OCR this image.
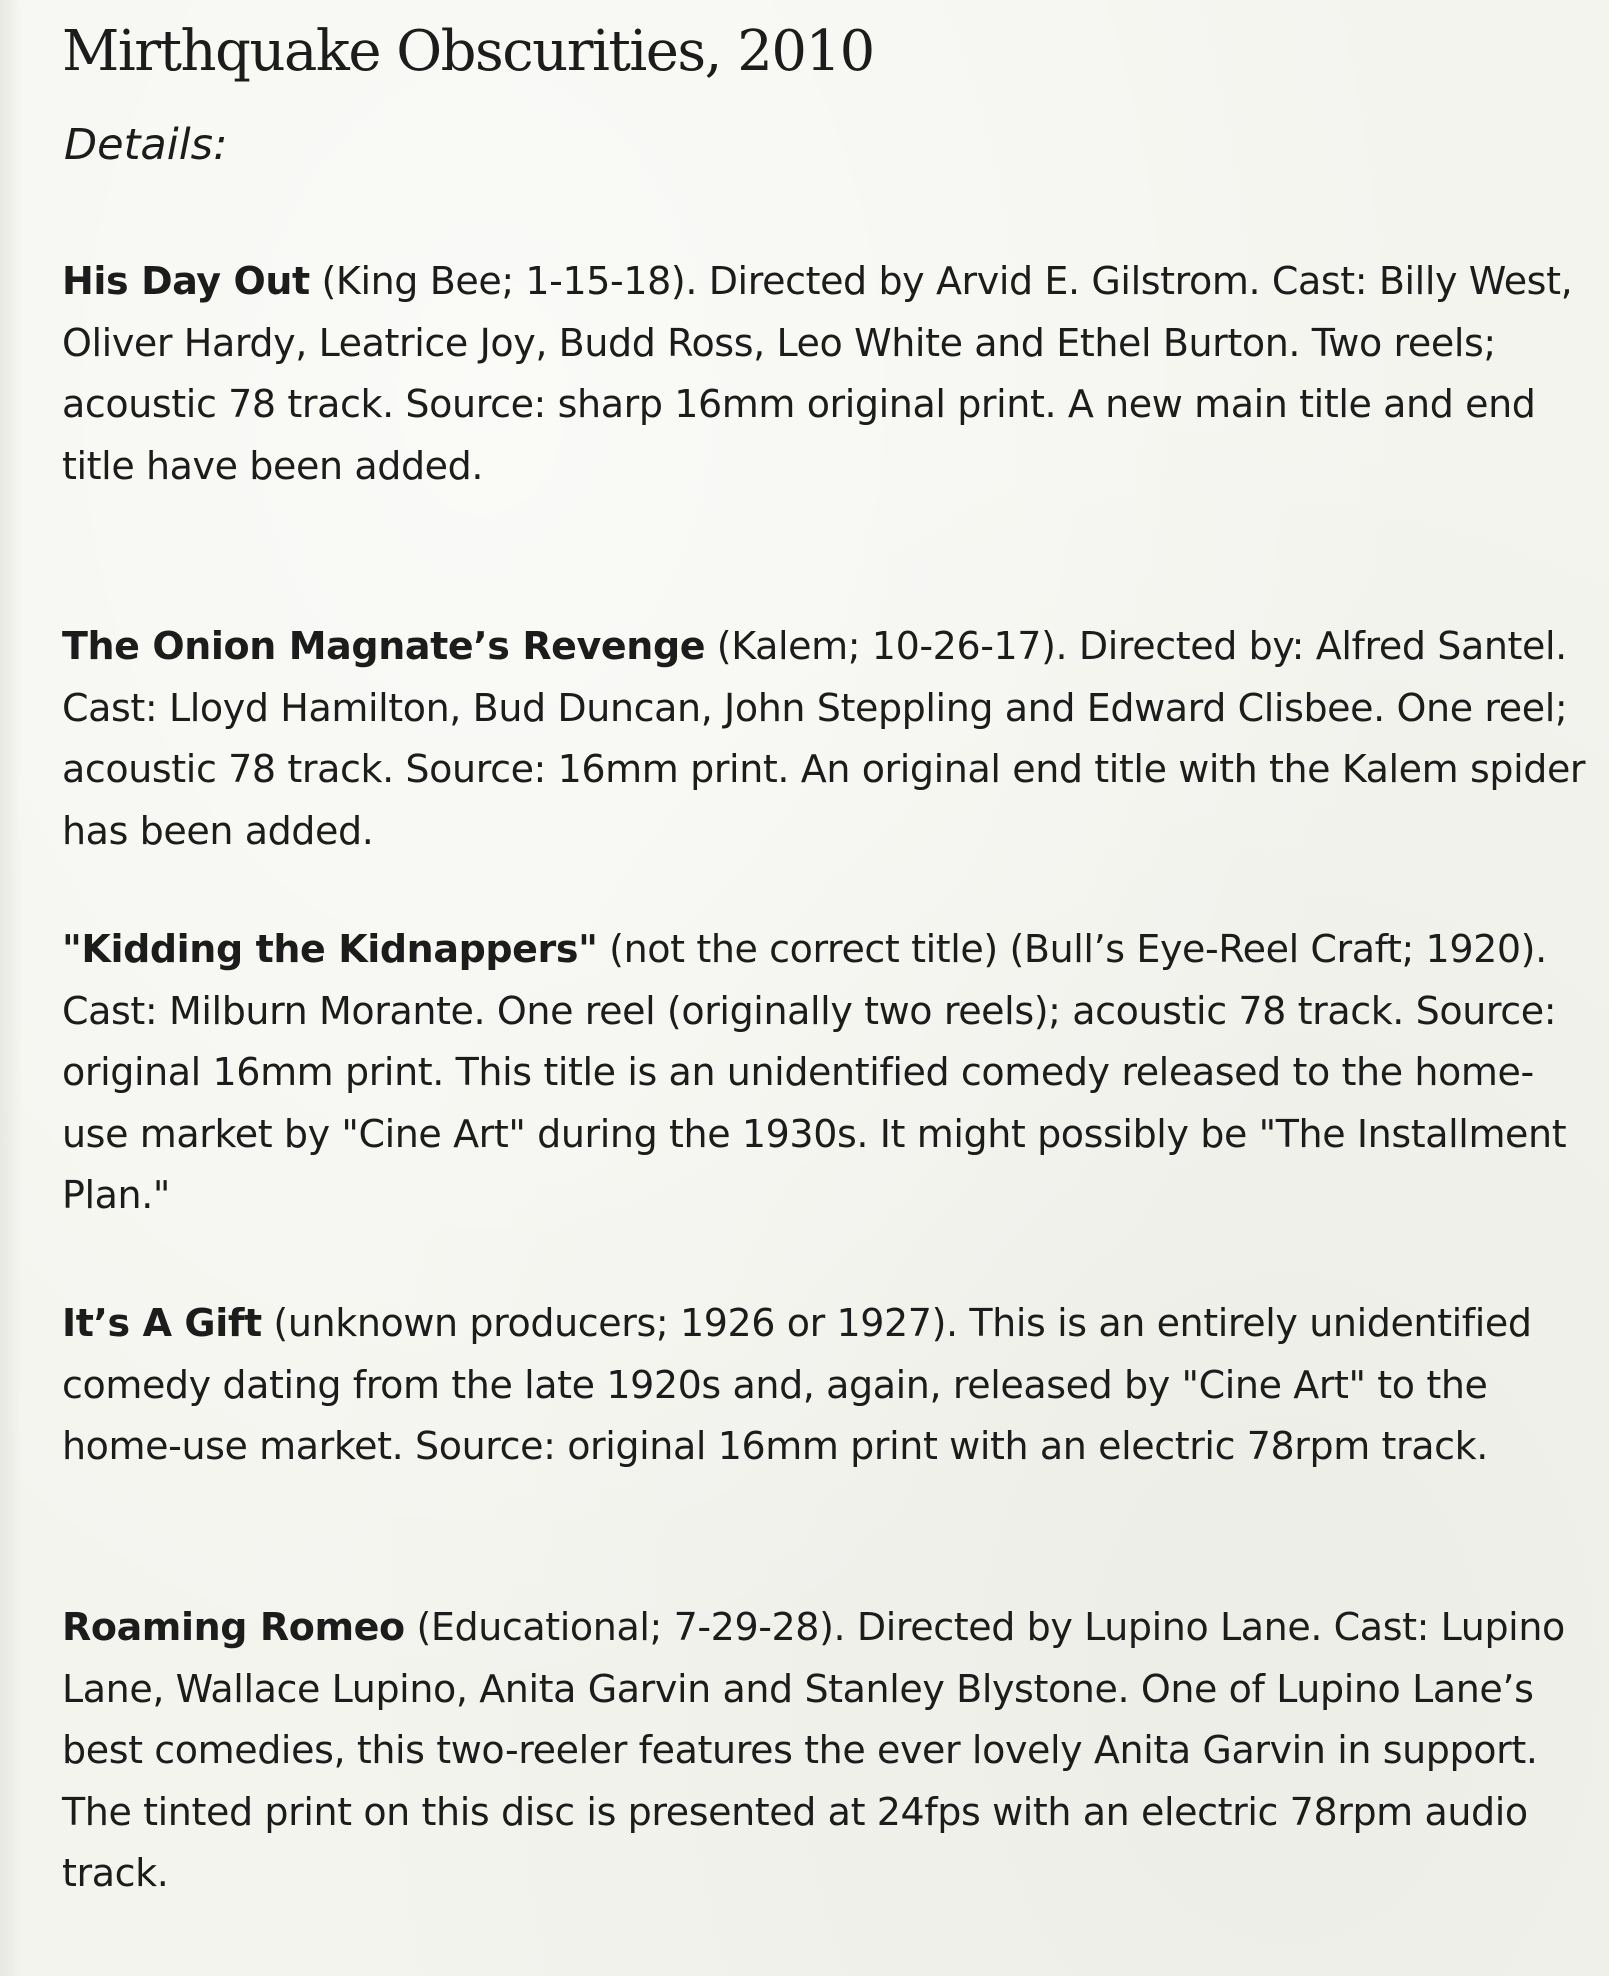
Mirthquake Obscurities, 2010
Details:

His Day Out (King Bee; 1-15-18). Directed by Arvid E. Gilstrom. Cast: Billy West, Oliver Hardy, Leatrice Joy, Budd Ross, Leo White and Ethel Burton. Two reels; acoustic 78 track. Source: sharp 16mm original print. A new main title and end title have been added.

The Onion Magnate’s Revenge (Kalem; 10-26-17). Directed by: Alfred Santel. Cast: Lloyd Hamilton, Bud Duncan, John Steppling and Edward Clisbee. One reel; acoustic 78 track. Source: 16mm print. An original end title with the Kalem spider has been added.

"Kidding the Kidnappers" (not the correct title) (Bull’s Eye-Reel Craft; 1920). Cast: Milburn Morante. One reel (originally two reels); acoustic 78 track. Source: original 16mm print. This title is an unidentified comedy released to the home-use market by "Cine Art" during the 1930s. It might possibly be "The Installment Plan."

It’s A Gift (unknown producers; 1926 or 1927). This is an entirely unidentified comedy dating from the late 1920s and, again, released by "Cine Art" to the home-use market. Source: original 16mm print with an electric 78rpm track.

Roaming Romeo (Educational; 7-29-28). Directed by Lupino Lane. Cast: Lupino Lane, Wallace Lupino, Anita Garvin and Stanley Blystone. One of Lupino Lane’s best comedies, this two-reeler features the ever lovely Anita Garvin in support. The tinted print on this disc is presented at 24fps with an electric 78rpm audio track.
